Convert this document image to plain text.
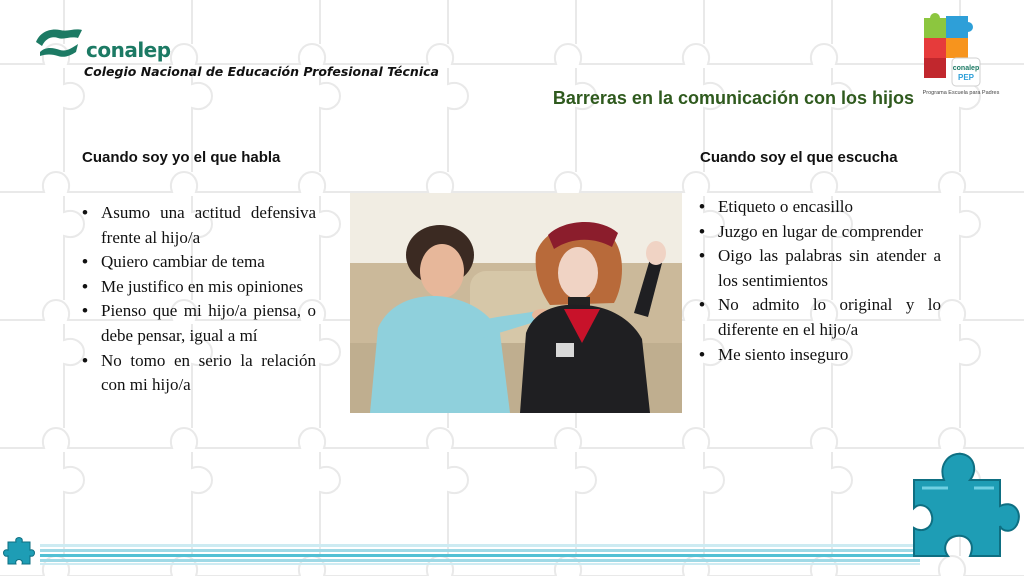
conalep
Colegio Nacional de Educación Profesional Técnica	conalep
PEP
Programa Escuela para Padres
Barreras en la comunicación con los hijos
Cuando soy yo el que habla
• Asumo una actitud defensiva frente al hijo/a
• Quiero cambiar de tema
• Me justifico en mis opiniones
• Pienso que mi hijo/a piensa, o debe pensar, igual a mí
• No tomo en serio la relación con mi hijo/a
Cuando soy el que escucha
• Etiqueto o encasillo
• Juzgo en lugar de comprender
• Oigo las palabras sin atender a los sentimientos
• No admito lo original y lo diferente en el hijo/a
• Me siento inseguro
